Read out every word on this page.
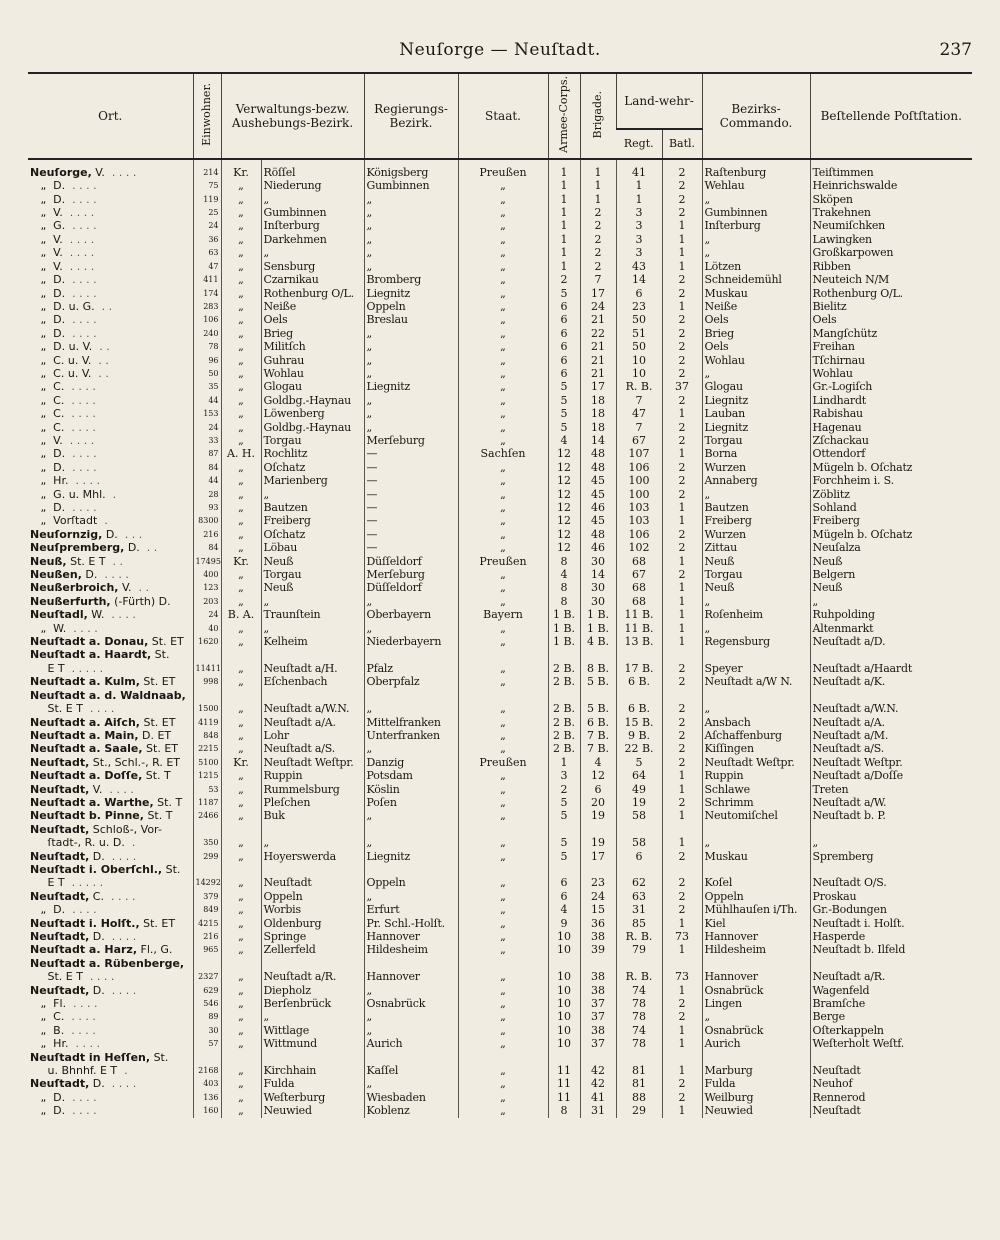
Neuſorge — Neuſtadt.	237
Ort.	Einwohner.	Verwaltungs-bezw. Aushebungs-Bezirk.		Regierungs-Bezirk.	Staat.	Armee-Corps.	Brigade.	Land-wehr-		Bezirks-Commando.	Beſtellende Poſtſtation.
								Regt.	Batl.		
Neuſorge, V.  . . . .	214	Kr.	Röſſel	Königsberg	Preußen	1	1	41	2	Raſtenburg	Teiſtimmen
„  D.  . . . .	75	„	Niederung	Gumbinnen	„	1	1	1	2	Wehlau	Heinrichswalde
„  D.  . . . .	119	„	„	„	„	1	1	1	2	„	Sköpen
„  V.  . . . .	25	„	Gumbinnen	„	„	1	2	3	2	Gumbinnen	Trakehnen
„  G.  . . . .	24	„	Inſterburg	„	„	1	2	3	1	Inſterburg	Neumiſchken
„  V.  . . . .	36	„	Darkehmen	„	„	1	2	3	1	„	Lawingken
„  V.  . . . .	63	„	„	„	„	1	2	3	1	„	Großkarpowen
„  V.  . . . .	47	„	Sensburg	„	„	1	2	43	1	Lötzen	Ribben
„  D.  . . . .	411	„	Czarnikau	Bromberg	„	2	7	14	2	Schneidemühl	Neuteich N/M
„  D.  . . . .	174	„	Rothenburg O/L.	Liegnitz	„	5	17	6	2	Muskau	Rothenburg O/L.
„  D. u. G.  . .	283	„	Neiße	Oppeln	„	6	24	23	1	Neiße	Bielitz
„  D.  . . . .	106	„	Oels	Breslau	„	6	21	50	2	Oels	Oels
„  D.  . . . .	240	„	Brieg	„	„	6	22	51	2	Brieg	Mangſchütz
„  D. u. V.  . .	78	„	Militſch	„	„	6	21	50	2	Oels	Freihan
„  C. u. V.  . .	96	„	Guhrau	„	„	6	21	10	2	Wohlau	Tſchirnau
„  C. u. V.  . .	50	„	Wohlau	„	„	6	21	10	2	„	Wohlau
„  C.  . . . .	35	„	Glogau	Liegnitz	„	5	17	R. B.	37	Glogau	Gr.-Logiſch
„  C.  . . . .	44	„	Goldbg.-Haynau	„	„	5	18	7	2	Liegnitz	Lindhardt
„  C.  . . . .	153	„	Löwenberg	„	„	5	18	47	1	Lauban	Rabishau
„  C.  . . . .	24	„	Goldbg.-Haynau	„	„	5	18	7	2	Liegnitz	Hagenau
„  V.  . . . .	33	„	Torgau	Merſeburg	„	4	14	67	2	Torgau	Zſchackau
„  D.  . . . .	87	A. H.	Rochlitz	—	Sachſen	12	48	107	1	Borna	Ottendorf
„  D.  . . . .	84	„	Oſchatz	—	„	12	48	106	2	Wurzen	Mügeln b. Oſchatz
„  Hr.  . . . .	44	„	Marienberg	—	„	12	45	100	2	Annaberg	Forchheim i. S.
„  G. u. Mhl.  .	28	„	„	—	„	12	45	100	2	„	Zöblitz
„  D.  . . . .	93	„	Bautzen	—	„	12	46	103	1	Bautzen	Sohland
„  Vorſtadt  .	8300	„	Freiberg	—	„	12	45	103	1	Freiberg	Freiberg
Neuſornzig, D.  . . .	216	„	Oſchatz	—	„	12	48	106	2	Wurzen	Mügeln b. Oſchatz
Neuſpremberg, D.  . .	84	„	Löbau	—	„	12	46	102	2	Zittau	Neuſalza
Neuß, St. E T  . .	17495	Kr.	Neuß	Düſſeldorf	Preußen	8	30	68	1	Neuß	Neuß
Neußen, D.  . . . .	400	„	Torgau	Merſeburg	„	4	14	67	2	Torgau	Belgern
Neußerbroich, V.  . .	123	„	Neuß	Düſſeldorf	„	8	30	68	1	Neuß	Neuß
Neußerfurth, (-Fürth) D.	203	„	„	„	„	8	30	68	1	„	„
Neuſtadl, W.  . . . .	24	B. A.	Traunſtein	Oberbayern	Bayern	1 B.	1 B.	11 B.	1	Roſenheim	Ruhpolding
„  W.  . . . .	40	„	„	„	„	1 B.	1 B.	11 B.	1	„	Altenmarkt
Neuſtadt a. Donau, St. ET	1620	„	Kelheim	Niederbayern	„	1 B.	4 B.	13 B.	1	Regensburg	Neuſtadt a/D.
Neuſtadt a. Haardt, St.											
E T  . . . . .	11411	„	Neuſtadt a/H.	Pfalz	„	2 B.	8 B.	17 B.	2	Speyer	Neuſtadt a/Haardt
Neuſtadt a. Kulm, St. ET	998	„	Eſchenbach	Oberpfalz	„	2 B.	5 B.	6 B.	2	Neuſtadt a/W N.	Neuſtadt a/K.
Neuſtadt a. d. Waldnaab,											
St. E T  . . . .	1500	„	Neuſtadt a/W.N.	„	„	2 B.	5 B.	6 B.	2	„	Neuſtadt a/W.N.
Neuſtadt a. Aiſch, St. ET	4119	„	Neuſtadt a/A.	Mittelfranken	„	2 B.	6 B.	15 B.	2	Ansbach	Neuſtadt a/A.
Neuſtadt a. Main, D. ET	848	„	Lohr	Unterfranken	„	2 B.	7 B.	9 B.	2	Aſchaffenburg	Neuſtadt a/M.
Neuſtadt a. Saale, St. ET	2215	„	Neuſtadt a/S.	„	„	2 B.	7 B.	22 B.	2	Kiſſingen	Neuſtadt a/S.
Neuſtadt, St., Schl.-, R. ET	5100	Kr.	Neuſtadt Weſtpr.	Danzig	Preußen	1	4	5	2	Neuſtadt Weſtpr.	Neuſtadt Weſtpr.
Neuſtadt a. Doſſe, St. T	1215	„	Ruppin	Potsdam	„	3	12	64	1	Ruppin	Neuſtadt a/Doſſe
Neuſtadt, V.  . . . .	53	„	Rummelsburg	Köslin	„	2	6	49	1	Schlawe	Treten
Neuſtadt a. Warthe, St. T	1187	„	Pleſchen	Poſen	„	5	20	19	2	Schrimm	Neuſtadt a/W.
Neuſtadt b. Pinne, St. T	2466	„	Buk	„	„	5	19	58	1	Neutomiſchel	Neuſtadt b. P.
Neuſtadt, Schloß-, Vor-											
ſtadt-, R. u. D.  .	350	„	„	„	„	5	19	58	1	„	„
Neuſtadt, D.  . . . .	299	„	Hoyerswerda	Liegnitz	„	5	17	6	2	Muskau	Spremberg
Neuſtadt i. Oberſchl., St.											
E T  . . . . .	14292	„	Neuſtadt	Oppeln	„	6	23	62	2	Koſel	Neuſtadt O/S.
Neuſtadt, C.  . . . .	379	„	Oppeln	„	„	6	24	63	2	Oppeln	Proskau
„  D.  . . . .	849	„	Worbis	Erfurt	„	4	15	31	2	Mühlhauſen i/Th.	Gr.-Bodungen
Neuſtadt i. Holſt., St. ET	4215	„	Oldenburg	Pr. Schl.-Holſt.	„	9	36	85	1	Kiel	Neuſtadt i. Holſt.
Neuſtadt, D.  . . . .	216	„	Springe	Hannover	„	10	38	R. B.	73	Hannover	Hasperde
Neuſtadt a. Harz, Fl., G.	965	„	Zellerfeld	Hildesheim	„	10	39	79	1	Hildesheim	Neuſtadt b. Ilfeld
Neuſtadt a. Rübenberge,											
St. E T  . . . .	2327	„	Neuſtadt a/R.	Hannover	„	10	38	R. B.	73	Hannover	Neuſtadt a/R.
Neuſtadt, D.  . . . .	629	„	Diepholz	„	„	10	38	74	1	Osnabrück	Wagenfeld
„  Fl.  . . . .	546	„	Berſenbrück	Osnabrück	„	10	37	78	2	Lingen	Bramſche
„  C.  . . . .	89	„	„	„	„	10	37	78	2	„	Berge
„  B.  . . . .	30	„	Wittlage	„	„	10	38	74	1	Osnabrück	Oſterkappeln
„  Hr.  . . . .	57	„	Wittmund	Aurich	„	10	37	78	1	Aurich	Weſterholt Weſtf.
Neuſtadt in Heſſen, St.											
u. Bhnhf. E T  .	2168	„	Kirchhain	Kaſſel	„	11	42	81	1	Marburg	Neuſtadt
Neuſtadt, D.  . . . .	403	„	Fulda	„	„	11	42	81	2	Fulda	Neuhof
„  D.  . . . .	136	„	Weſterburg	Wiesbaden	„	11	41	88	2	Weilburg	Rennerod
„  D.  . . . .	160	„	Neuwied	Koblenz	„	8	31	29	1	Neuwied	Neuſtadt
